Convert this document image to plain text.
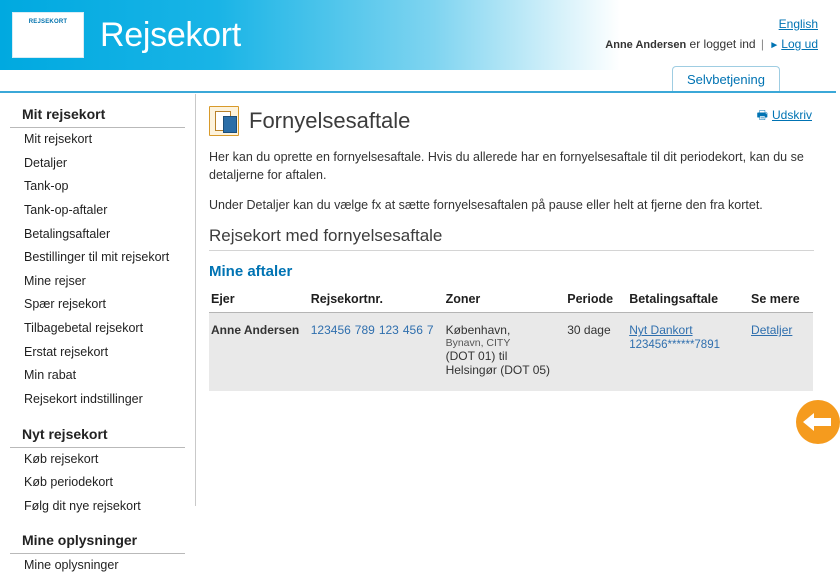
REJSEKORT Rejsekort	English
Anne Andersen er logget ind | ► Log ud
Selvbetjening
Mit rejsekort
Mit rejsekort
Detaljer
Tank-op
Tank-op-aftaler
Betalingsaftaler
Bestillinger til mit rejsekort
Mine rejser
Spær rejsekort
Tilbagebetal rejsekort
Erstat rejsekort
Min rabat
Rejsekort indstillinger
Nyt rejsekort
Køb rejsekort
Køb periodekort
Følg dit nye rejsekort
Mine oplysninger
Mine oplysninger
🖶 Udskriv
Fornyelsesaftale

Her kan du oprette en fornyelsesaftale. Hvis du allerede har en fornyelsesaftale til dit periodekort, kan du se detaljerne for aftalen.

Under Detaljer kan du vælge fx at sætte fornyelsesaftalen på pause eller helt at fjerne den fra kortet.

Rejsekort med fornyelsesaftale
Mine aftaler
Ejer	Rejsekortnr.	Zoner	Periode	Betalingsaftale	Se mere
Anne Andersen	123456 789 123 456 7	København,
Bynavn, CITY
(DOT 01) til
Helsingør (DOT 05)
	30 dage	Nyt Dankort
123456******7891	Detaljer
